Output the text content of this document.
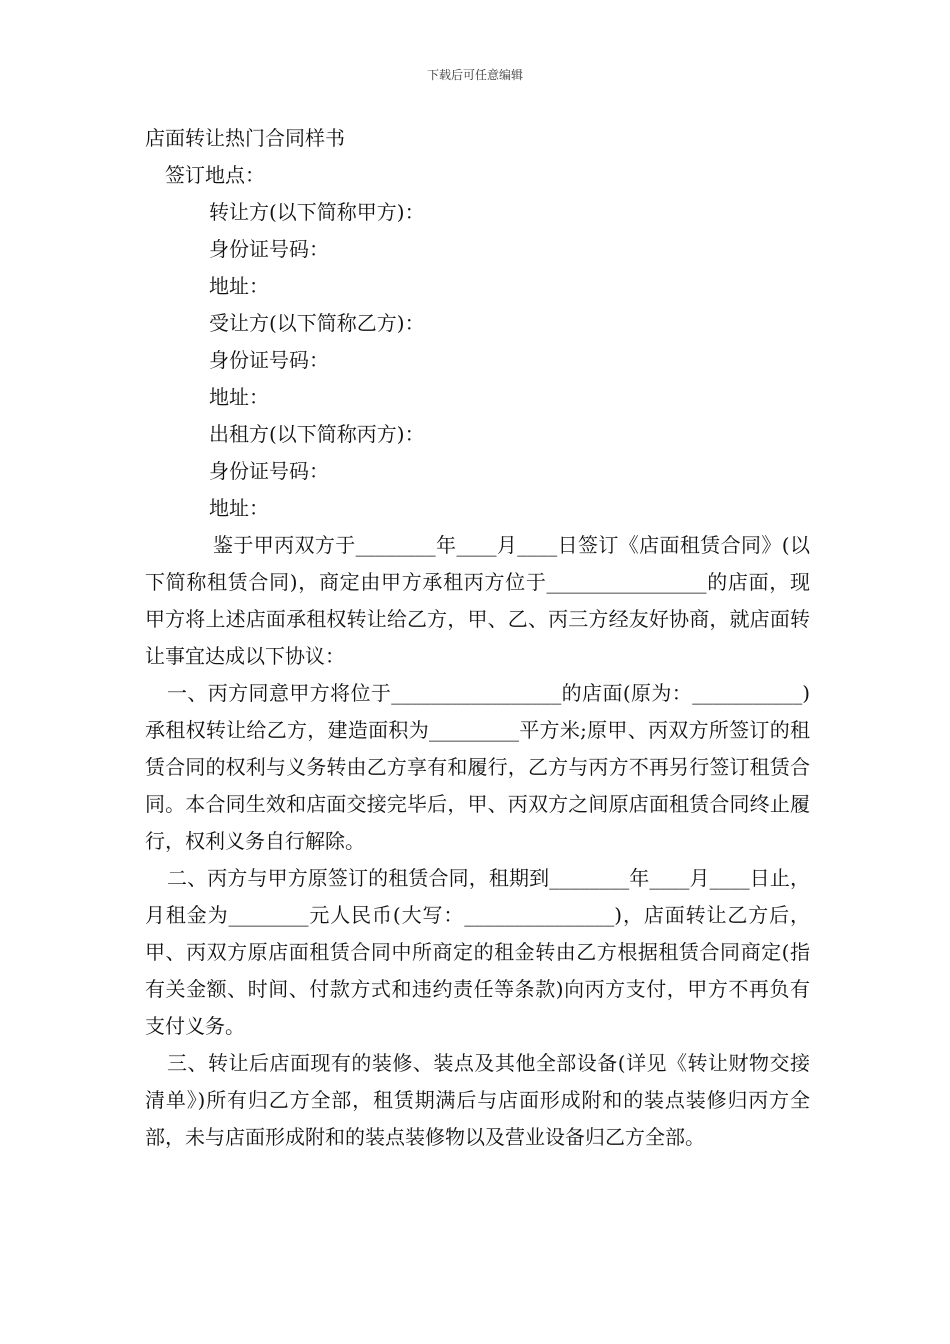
下载后可任意编辑
店面转让热门合同样书
签订地点：
转让方(以下简称甲方)：
身份证号码：
地址：
受让方(以下简称乙方)：
身份证号码：
地址：
出租方(以下简称丙方)：
身份证号码：
地址：
鉴于甲丙双方于________年____月____日签订《店面租赁合同》(以下简称租赁合同)，商定由甲方承租丙方位于________________的店面，现甲方将上述店面承租权转让给乙方，甲、乙、丙三方经友好协商，就店面转让事宜达成以下协议：
一、丙方同意甲方将位于_________________的店面(原为：___________)承租权转让给乙方，建造面积为_________平方米;原甲、丙双方所签订的租赁合同的权利与义务转由乙方享有和履行，乙方与丙方不再另行签订租赁合同。本合同生效和店面交接完毕后，甲、丙双方之间原店面租赁合同终止履行，权利义务自行解除。
二、丙方与甲方原签订的租赁合同，租期到________年____月____日止，月租金为________元人民币(大写：_______________)，店面转让乙方后，甲、丙双方原店面租赁合同中所商定的租金转由乙方根据租赁合同商定(指有关金额、时间、付款方式和违约责任等条款)向丙方支付，甲方不再负有支付义务。
三、转让后店面现有的装修、装点及其他全部设备(详见《转让财物交接清单》)所有归乙方全部，租赁期满后与店面形成附和的装点装修归丙方全部，未与店面形成附和的装点装修物以及营业设备归乙方全部。
